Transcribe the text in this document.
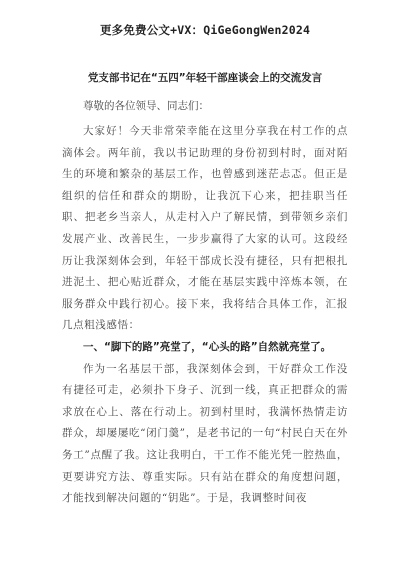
更多免费公文+VX：QiGeGongWen2024
党支部书记在“五四”年轻干部座谈会上的交流发言

尊敬的各位领导、同志们：

大家好！今天非常荣幸能在这里分享我在村工作的点滴体会。两年前，我以书记助理的身份初到村时，面对陌生的环境和繁杂的基层工作，也曾感到迷茫忐忑。但正是组织的信任和群众的期盼，让我沉下心来，把挂职当任职、把老乡当亲人，从走村入户了解民情，到带领乡亲们发展产业、改善民生，一步步赢得了大家的认可。这段经历让我深刻体会到，年轻干部成长没有捷径，只有把根扎进泥土、把心贴近群众，才能在基层实践中淬炼本领，在服务群众中践行初心。接下来，我将结合具体工作，汇报几点粗浅感悟：

一、“脚下的路”亮堂了，“心头的路”自然就亮堂了。

作为一名基层干部，我深刻体会到，干好群众工作没有捷径可走，必须扑下身子、沉到一线，真正把群众的需求放在心上、落在行动上。初到村里时，我满怀热情走访群众，却屡屡吃“闭门羹”，是老书记的一句“村民白天在外务工”点醒了我。这让我明白，干工作不能光凭一腔热血，更要讲究方法、尊重实际。只有站在群众的角度想问题，才能找到解决问题的“钥匙”。于是，我调整时间夜
